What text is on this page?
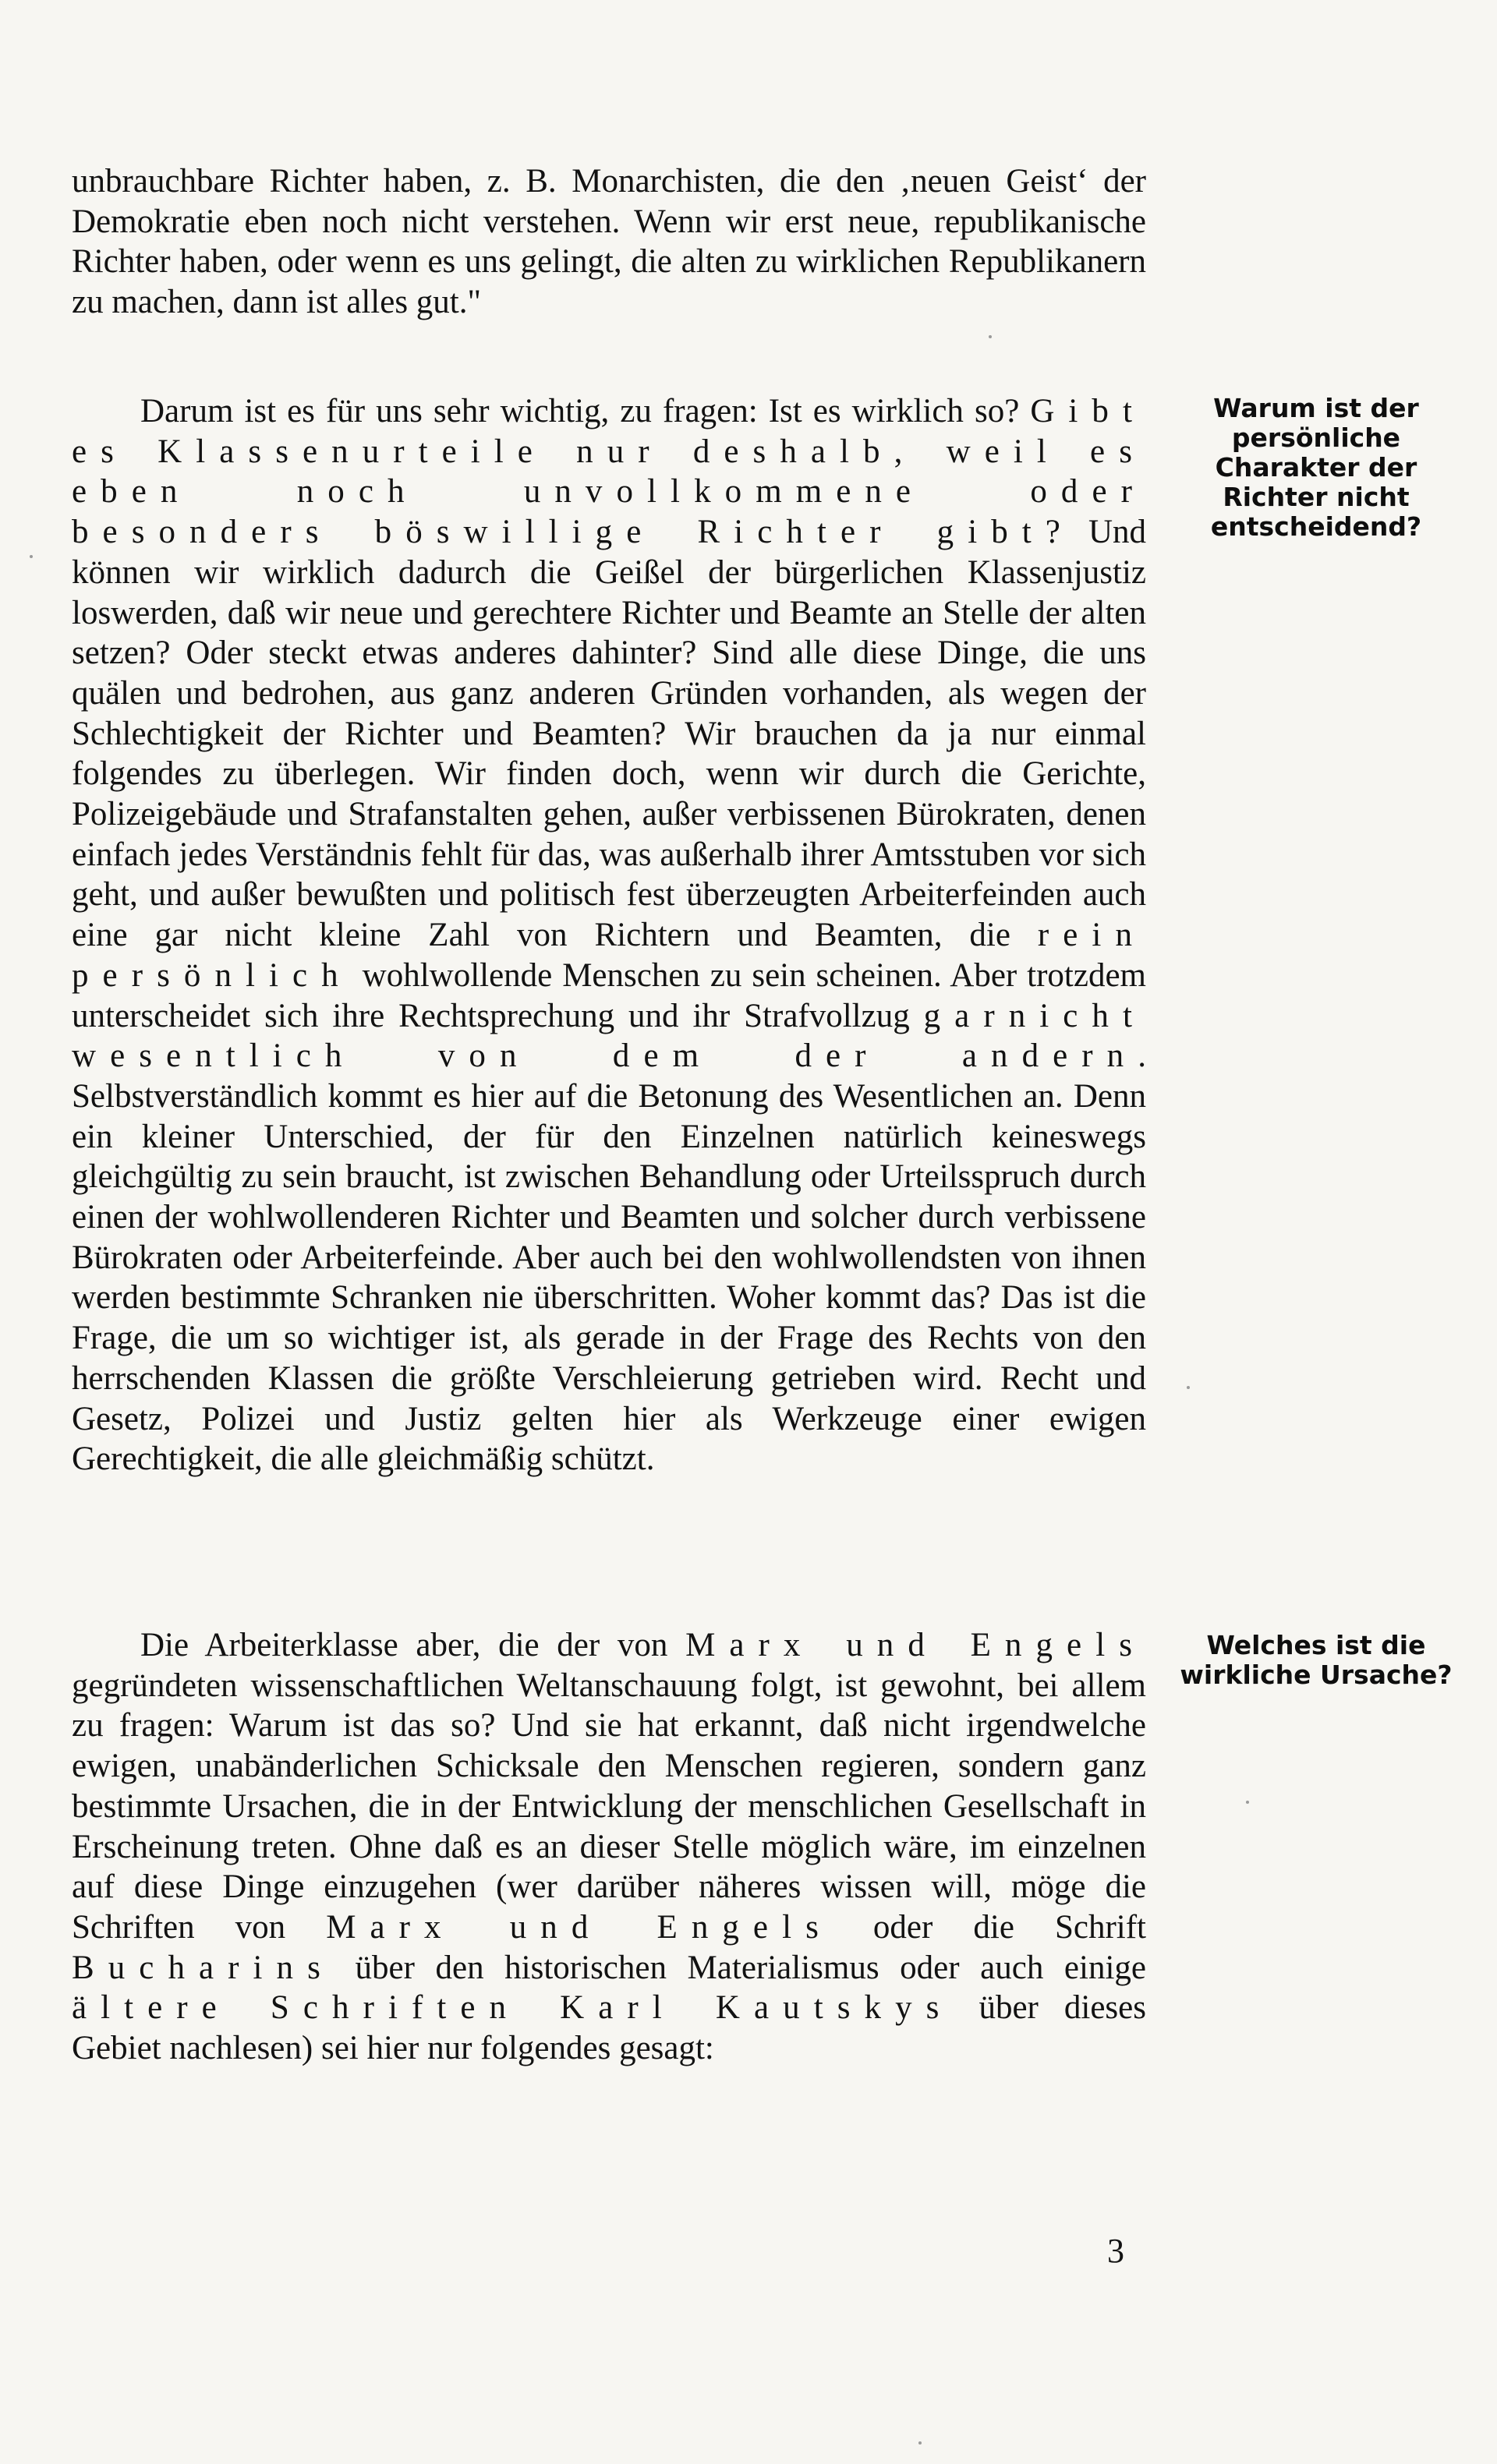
unbrauchbare Richter haben, z. B. Monarchisten, die den ‚neuen Geist‘ der Demokratie eben noch nicht verstehen. Wenn wir erst neue, republikanische Richter haben, oder wenn es uns gelingt, die alten zu wirklichen Republikanern zu machen, dann ist alles gut."

Darum ist es für uns sehr wichtig, zu fragen: Ist es wirklich so? Gibt es Klassenurteile nur deshalb, weil es eben noch unvollkommene oder besonders böswillige Richter gibt? Und können wir wirklich dadurch die Geißel der bürgerlichen Klassenjustiz loswerden, daß wir neue und gerechtere Richter und Beamte an Stelle der alten setzen? Oder steckt etwas anderes dahinter? Sind alle diese Dinge, die uns quälen und bedrohen, aus ganz anderen Gründen vorhanden, als wegen der Schlechtigkeit der Richter und Beamten? Wir brauchen da ja nur einmal folgendes zu überlegen. Wir finden doch, wenn wir durch die Gerichte, Polizeigebäude und Strafanstalten gehen, außer verbissenen Bürokraten, denen einfach jedes Verständnis fehlt für das, was außerhalb ihrer Amtsstuben vor sich geht, und außer bewußten und politisch fest überzeugten Arbeiterfeinden auch eine gar nicht kleine Zahl von Richtern und Beamten, die rein persönlich wohlwollende Menschen zu sein scheinen. Aber trotzdem unterscheidet sich ihre Rechtsprechung und ihr Strafvollzug garnicht wesentlich von dem der andern. Selbstverständlich kommt es hier auf die Betonung des Wesentlichen an. Denn ein kleiner Unterschied, der für den Einzelnen natürlich keineswegs gleichgültig zu sein braucht, ist zwischen Behandlung oder Urteilsspruch durch einen der wohlwollenderen Richter und Beamten und solcher durch verbissene Bürokraten oder Arbeiterfeinde. Aber auch bei den wohlwollendsten von ihnen werden bestimmte Schranken nie überschritten. Woher kommt das? Das ist die Frage, die um so wichtiger ist, als gerade in der Frage des Rechts von den herrschenden Klassen die größte Verschleierung getrieben wird. Recht und Gesetz, Polizei und Justiz gelten hier als Werkzeuge einer ewigen Gerechtigkeit, die alle gleichmäßig schützt.

Die Arbeiterklasse aber, die der von Marx und Engels gegründeten wissenschaftlichen Weltanschauung folgt, ist gewohnt, bei allem zu fragen: Warum ist das so? Und sie hat erkannt, daß nicht irgendwelche ewigen, unabänderlichen Schicksale den Menschen regieren, sondern ganz bestimmte Ursachen, die in der Entwicklung der menschlichen Gesellschaft in Erscheinung treten. Ohne daß es an dieser Stelle möglich wäre, im einzelnen auf diese Dinge einzugehen (wer darüber näheres wissen will, möge die Schriften von Marx und Engels oder die Schrift Bucharins über den historischen Materialismus oder auch einige ältere Schriften Karl Kautskys über dieses Gebiet nachlesen) sei hier nur folgendes gesagt:

Warum ist der persönliche Charakter der Richter nicht entscheidend?

Welches ist die wirkliche Ursache?

3
